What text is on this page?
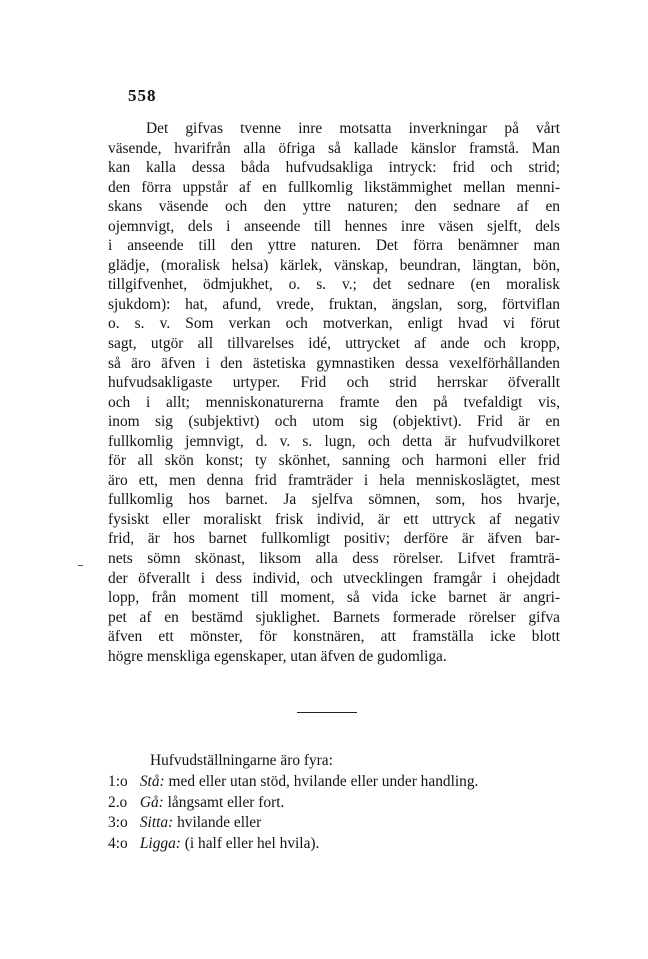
558
Det gifvas tvenne inre motsatta inverkningar på vårt
väsende, hvarifrån alla öfriga så kallade känslor framstå. Man
kan kalla dessa båda hufvudsakliga intryck: frid och strid;
den förra uppstår af en fullkomlig likstämmighet mellan menni-
skans väsende och den yttre naturen; den sednare af en
ojemnvigt, dels i anseende till hennes inre väsen sjelft, dels
i anseende till den yttre naturen. Det förra benämner man
glädje, (moralisk helsa) kärlek, vänskap, beundran, längtan, bön,
tillgifvenhet, ödmjukhet, o. s. v.; det sednare (en moralisk
sjukdom): hat, afund, vrede, fruktan, ängslan, sorg, förtviflan
o. s. v. Som verkan och motverkan, enligt hvad vi förut
sagt, utgör all tillvarelses idé, uttrycket af ande och kropp,
så äro äfven i den ästetiska gymnastiken dessa vexelförhållanden
hufvudsakligaste urtyper. Frid och strid herrskar öfverallt
och i allt; menniskonaturerna framte den på tvefaldigt vis,
inom sig (subjektivt) och utom sig (objektivt). Frid är en
fullkomlig jemnvigt, d. v. s. lugn, och detta är hufvudvilkoret
för all skön konst; ty skönhet, sanning och harmoni eller frid
äro ett, men denna frid framträder i hela menniskoslägtet, mest
fullkomlig hos barnet. Ja sjelfva sömnen, som, hos hvarje,
fysiskt eller moraliskt frisk individ, är ett uttryck af negativ
frid, är hos barnet fullkomligt positiv; derföre är äfven bar-
nets sömn skönast, liksom alla dess rörelser. Lifvet framträ-
der öfverallt i dess individ, och utvecklingen framgår i ohejdadt
lopp, från moment till moment, så vida icke barnet är angri-
pet af en bestämd sjuklighet. Barnets formerade rörelser gifva
äfven ett mönster, för konstnären, att framställa icke blott
högre menskliga egenskaper, utan äfven de gudomliga.
Hufvudställningarne äro fyra:
1:o Stå: med eller utan stöd, hvilande eller under handling.
2.o Gå: långsamt eller fort.
3:o Sitta: hvilande eller
4:o Ligga: (i half eller hel hvila).
